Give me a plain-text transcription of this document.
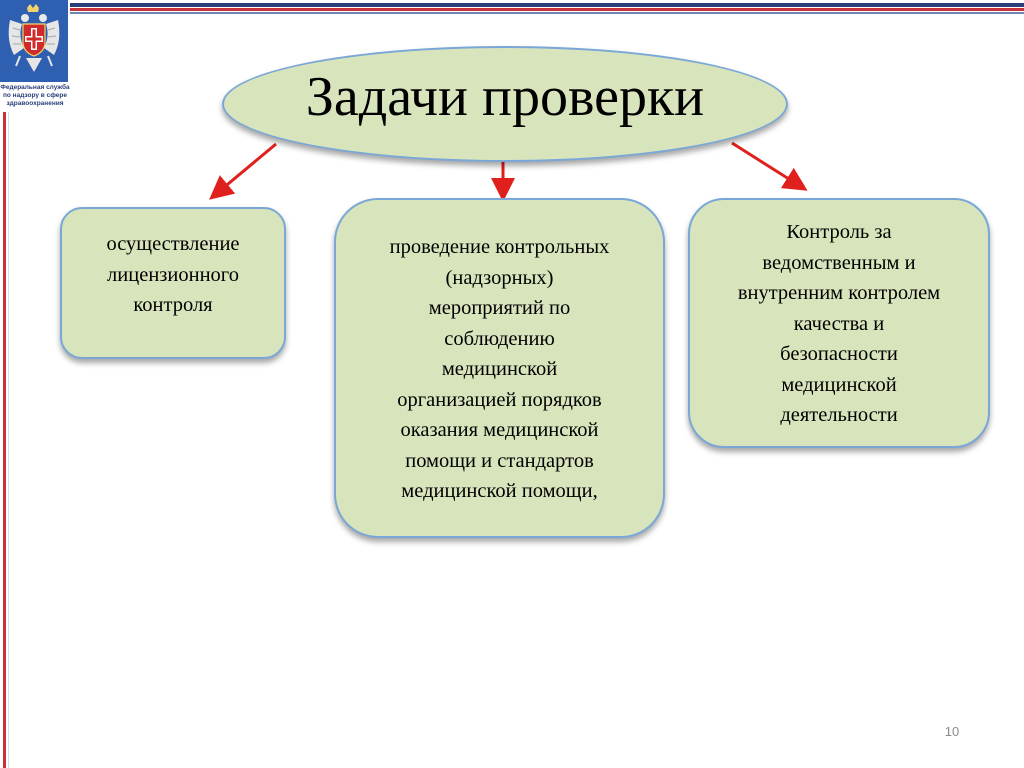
Федеральная служба
по надзору в сфере
здравоохранения	Задачи проверки
осуществление
лицензионного
контроля
проведение контрольных
(надзорных)
мероприятий по
соблюдению
медицинской
организацией порядков
оказания медицинской
помощи и стандартов
медицинской помощи,
Контроль за
ведомственным и
внутренним контролем
качества и
безопасности
медицинской
деятельности
10
